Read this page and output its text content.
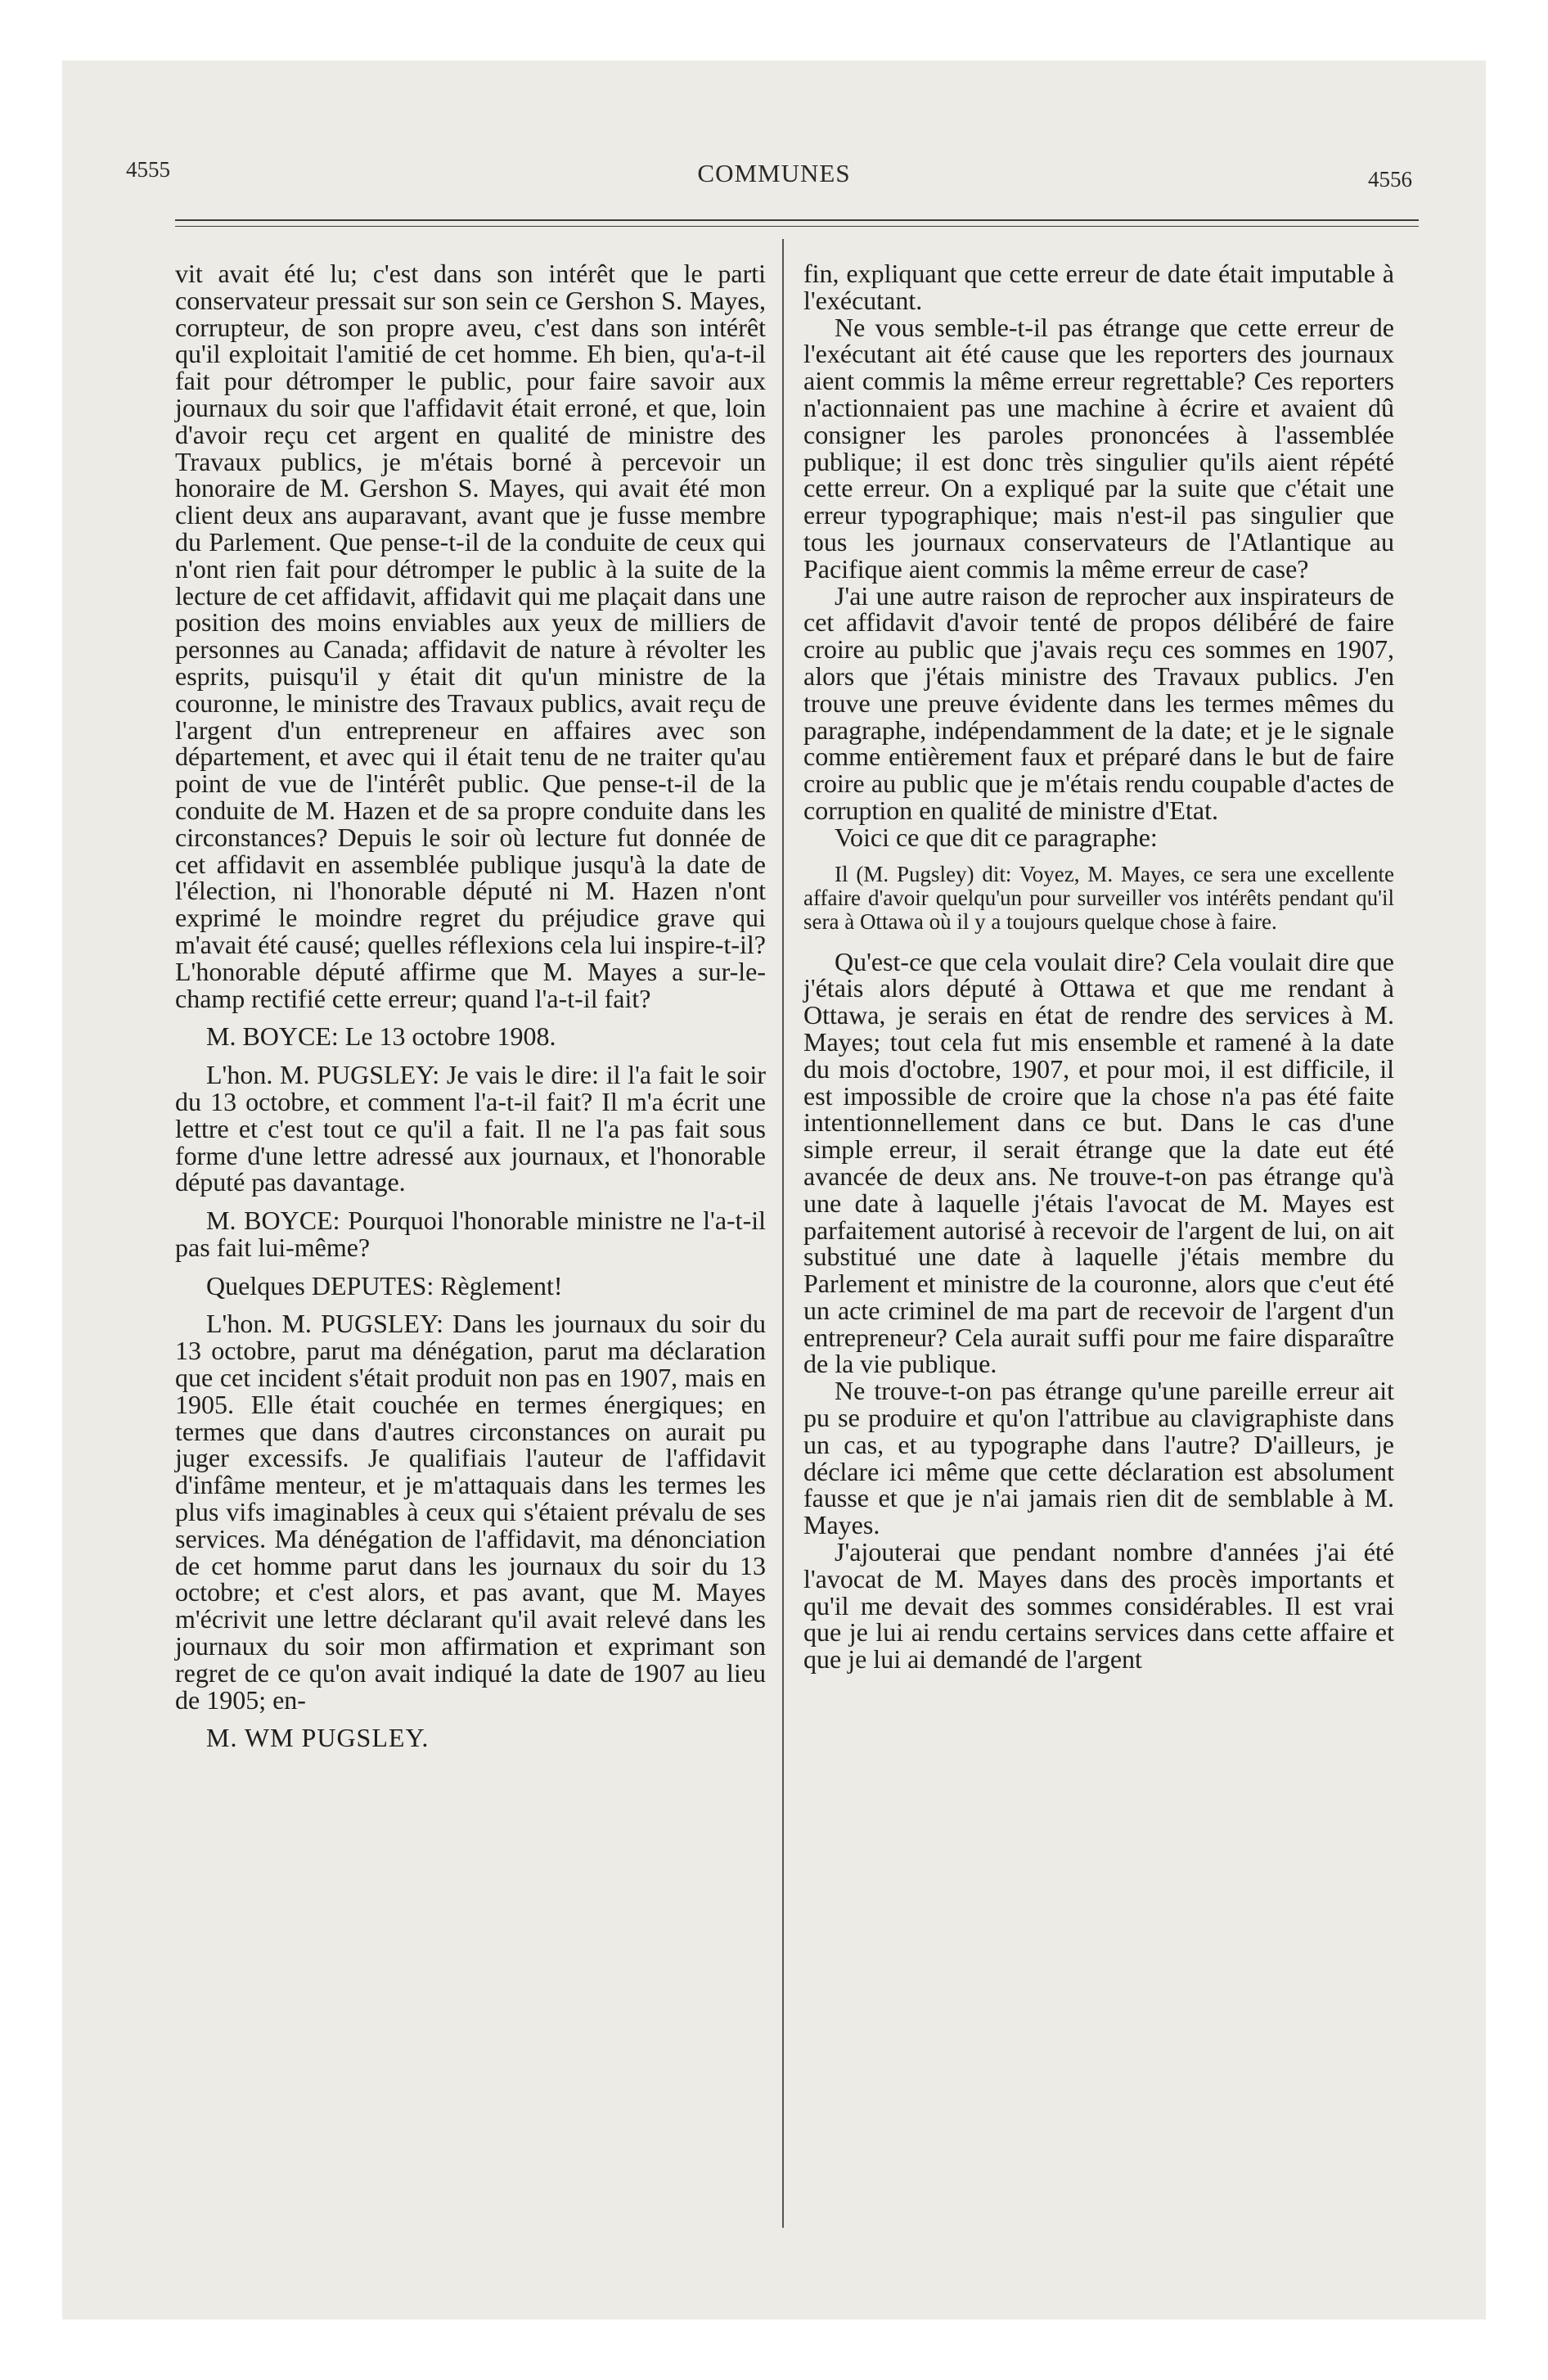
4555	COMMUNES	4556

vit avait été lu; c'est dans son intérêt que le parti conservateur pressait sur son sein ce Gershon S. Mayes, corrupteur, de son propre aveu, c'est dans son intérêt qu'il exploitait l'amitié de cet homme. Eh bien, qu'a-t-il fait pour détromper le public, pour faire savoir aux journaux du soir que l'affidavit était erroné, et que, loin d'avoir reçu cet argent en qualité de ministre des Travaux publics, je m'étais borné à percevoir un honoraire de M. Gershon S. Mayes, qui avait été mon client deux ans auparavant, avant que je fusse membre du Parlement. Que pense-t-il de la conduite de ceux qui n'ont rien fait pour détromper le public à la suite de la lecture de cet affidavit, affidavit qui me plaçait dans une position des moins enviables aux yeux de milliers de personnes au Canada; affidavit de nature à révolter les esprits, puisqu'il y était dit qu'un ministre de la couronne, le ministre des Travaux publics, avait reçu de l'argent d'un entrepreneur en affaires avec son département, et avec qui il était tenu de ne traiter qu'au point de vue de l'intérêt public. Que pense-t-il de la conduite de M. Hazen et de sa propre conduite dans les circonstances? Depuis le soir où lecture fut donnée de cet affidavit en assemblée publique jusqu'à la date de l'élection, ni l'honorable député ni M. Hazen n'ont exprimé le moindre regret du préjudice grave qui m'avait été causé; quelles réflexions cela lui inspire-t-il? L'honorable député affirme que M. Mayes a sur-le-champ rectifié cette erreur; quand l'a-t-il fait?

M. BOYCE: Le 13 octobre 1908.

L'hon. M. PUGSLEY: Je vais le dire: il l'a fait le soir du 13 octobre, et comment l'a-t-il fait? Il m'a écrit une lettre et c'est tout ce qu'il a fait. Il ne l'a pas fait sous forme d'une lettre adressé aux journaux, et l'honorable député pas davantage.

M. BOYCE: Pourquoi l'honorable ministre ne l'a-t-il pas fait lui-même?

Quelques DEPUTES: Règlement!

L'hon. M. PUGSLEY: Dans les journaux du soir du 13 octobre, parut ma dénégation, parut ma déclaration que cet incident s'était produit non pas en 1907, mais en 1905. Elle était couchée en termes énergiques; en termes que dans d'autres circonstances on aurait pu juger excessifs. Je qualifiais l'auteur de l'affidavit d'infâme menteur, et je m'attaquais dans les termes les plus vifs imaginables à ceux qui s'étaient prévalu de ses services. Ma dénégation de l'affidavit, ma dénonciation de cet homme parut dans les journaux du soir du 13 octobre; et c'est alors, et pas avant, que M. Mayes m'écrivit une lettre déclarant qu'il avait relevé dans les journaux du soir mon affirmation et exprimant son regret de ce qu'on avait indiqué la date de 1907 au lieu de 1905; en-

M. WM PUGSLEY.

fin, expliquant que cette erreur de date était imputable à l'exécutant.

Ne vous semble-t-il pas étrange que cette erreur de l'exécutant ait été cause que les reporters des journaux aient commis la même erreur regrettable? Ces reporters n'actionnaient pas une machine à écrire et avaient dû consigner les paroles prononcées à l'assemblée publique; il est donc très singulier qu'ils aient répété cette erreur. On a expliqué par la suite que c'était une erreur typographique; mais n'est-il pas singulier que tous les journaux conservateurs de l'Atlantique au Pacifique aient commis la même erreur de case?

J'ai une autre raison de reprocher aux inspirateurs de cet affidavit d'avoir tenté de propos délibéré de faire croire au public que j'avais reçu ces sommes en 1907, alors que j'étais ministre des Travaux publics. J'en trouve une preuve évidente dans les termes mêmes du paragraphe, indépendamment de la date; et je le signale comme entièrement faux et préparé dans le but de faire croire au public que je m'étais rendu coupable d'actes de corruption en qualité de ministre d'Etat.

Voici ce que dit ce paragraphe:

Il (M. Pugsley) dit: Voyez, M. Mayes, ce sera une excellente affaire d'avoir quelqu'un pour surveiller vos intérêts pendant qu'il sera à Ottawa où il y a toujours quelque chose à faire.

Qu'est-ce que cela voulait dire? Cela voulait dire que j'étais alors député à Ottawa et que me rendant à Ottawa, je serais en état de rendre des services à M. Mayes; tout cela fut mis ensemble et ramené à la date du mois d'octobre, 1907, et pour moi, il est difficile, il est impossible de croire que la chose n'a pas été faite intentionnellement dans ce but. Dans le cas d'une simple erreur, il serait étrange que la date eut été avancée de deux ans. Ne trouve-t-on pas étrange qu'à une date à laquelle j'étais l'avocat de M. Mayes est parfaitement autorisé à recevoir de l'argent de lui, on ait substitué une date à laquelle j'étais membre du Parlement et ministre de la couronne, alors que c'eut été un acte criminel de ma part de recevoir de l'argent d'un entrepreneur? Cela aurait suffi pour me faire disparaître de la vie publique.

Ne trouve-t-on pas étrange qu'une pareille erreur ait pu se produire et qu'on l'attribue au clavigraphiste dans un cas, et au typographe dans l'autre? D'ailleurs, je déclare ici même que cette déclaration est absolument fausse et que je n'ai jamais rien dit de semblable à M. Mayes.

J'ajouterai que pendant nombre d'années j'ai été l'avocat de M. Mayes dans des procès importants et qu'il me devait des sommes considérables. Il est vrai que je lui ai rendu certains services dans cette affaire et que je lui ai demandé de l'argent
